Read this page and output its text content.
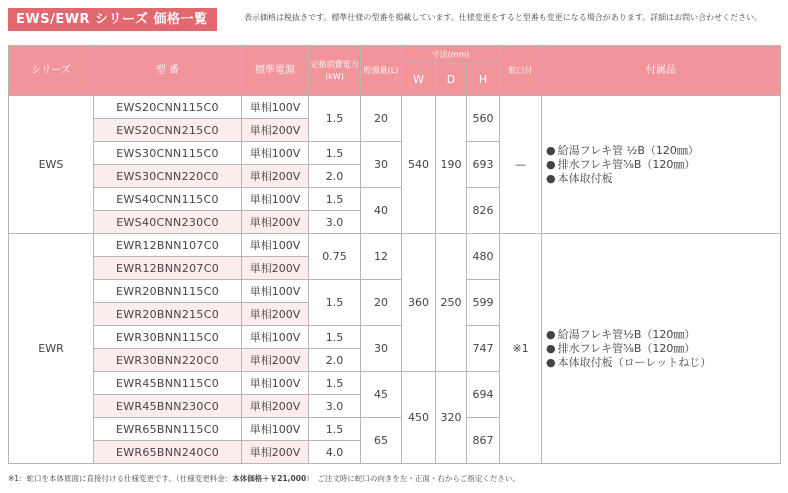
EWS/EWR シリーズ 価格一覧	表示価格は税抜きです。標準仕様の型番を掲載しています。仕様変更をすると型番も変更になる場合があります。詳細はお問い合わせください。
シリーズ	型 番	標準電源	定格消費電力(kW)	貯湯量(L)	寸法(mm)			蛇口付	付属品
					W	D	H		
EWS	EWS20CNN115C0	単相100V	1.5	20	540	190	560	—	● 給湯フレキ管 ½B（120㎜）
● 排水フレキ管⅝B（120㎜）
● 本体取付板

	EWS20CNN215C0	単相200V							
	EWS30CNN115C0	単相100V	1.5	30			693		
	EWS30CNN220C0	単相200V	2.0						
	EWS40CNN115C0	単相100V	1.5	40			826		
	EWS40CNN230C0	単相200V	3.0						
EWR	EWR12BNN107C0	単相100V	0.75	12	360	250	480	※1	● 給湯フレキ管½B（120㎜）
● 排水フレキ管⅝B（120㎜）
● 本体取付板（ローレットねじ）

	EWR12BNN207C0	単相200V							
	EWR20BNN115C0	単相100V	1.5	20			599		
	EWR20BNN215C0	単相200V							
	EWR30BNN115C0	単相100V	1.5	30			747		
	EWR30BNN220C0	単相200V	2.0						
	EWR45BNN115C0	単相100V	1.5	45	450	320	694		
	EWR45BNN230C0	単相200V	3.0						
	EWR65BNN115C0	単相100V	1.5	65			867		
	EWR65BNN240C0	単相200V	4.0						
※1：蛇口を本体底面に直接付ける仕様変更です。（仕様変更料金：本体価格＋￥21,000）　ご注文時に蛇口の向きを左・正面・右からご指定ください。
